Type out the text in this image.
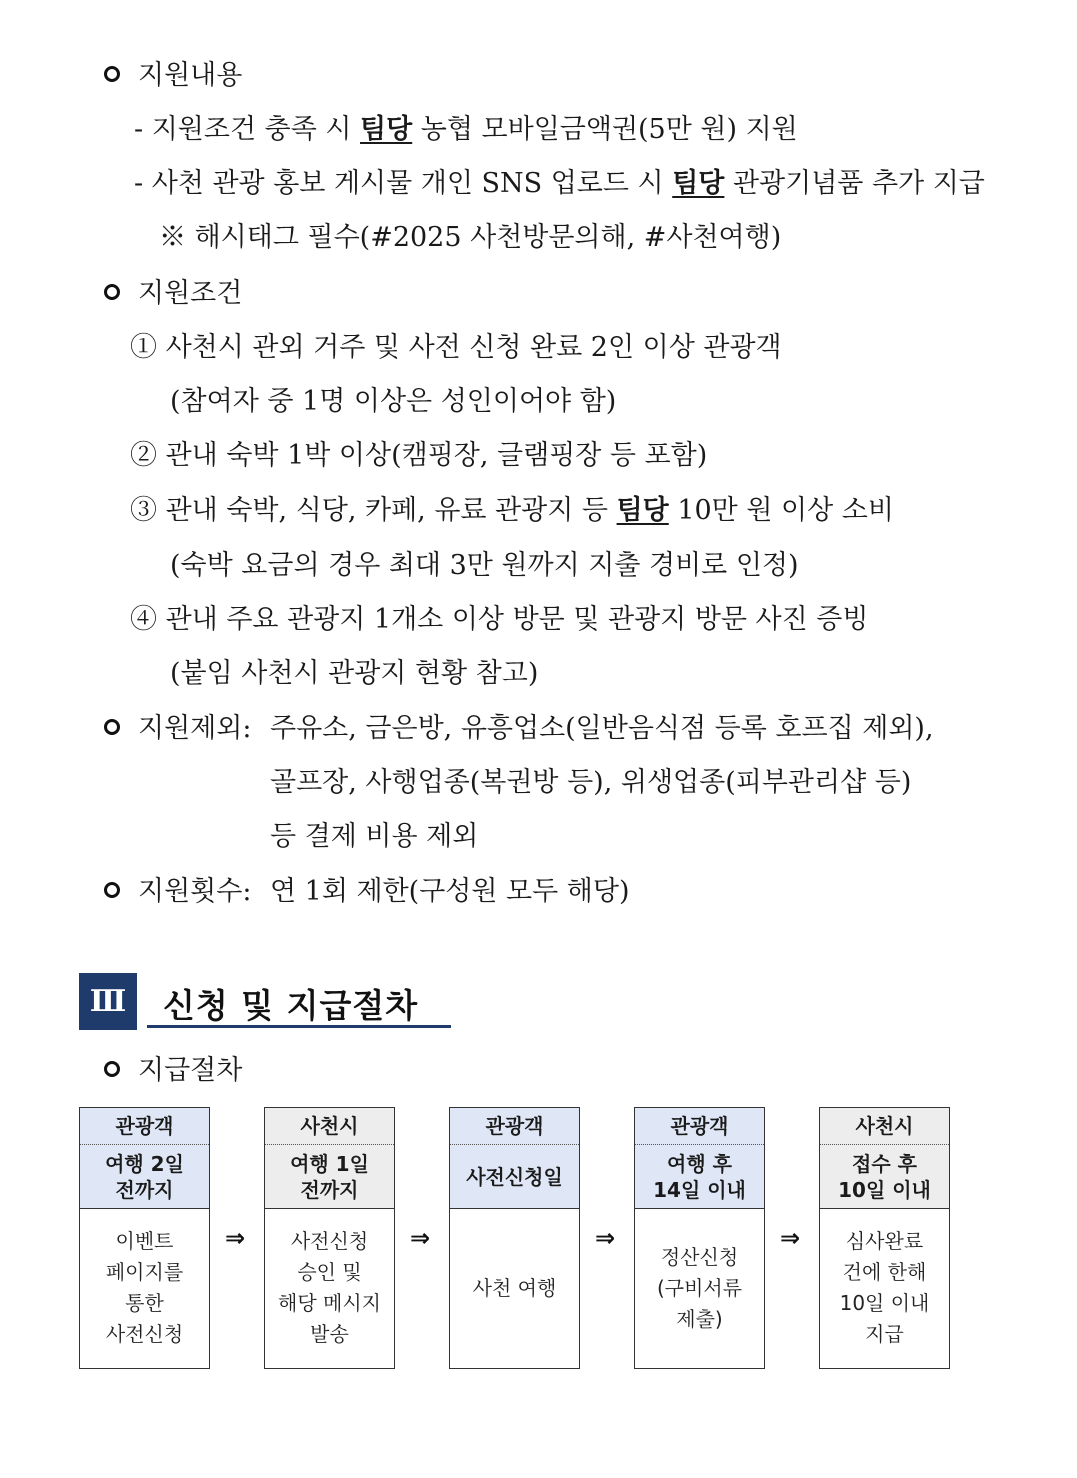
지원내용
- 지원조건 충족 시 팀당 농협 모바일금액권(5만 원) 지원
- 사천 관광 홍보 게시물 개인 SNS 업로드 시 팀당 관광기념품 추가 지급
※ 해시태그 필수(#2025 사천방문의해, #사천여행)
지원조건
① 사천시 관외 거주 및 사전 신청 완료 2인 이상 관광객
(참여자 중 1명 이상은 성인이어야 함)
② 관내 숙박 1박 이상(캠핑장, 글램핑장 등 포함)
③ 관내 숙박, 식당, 카페, 유료 관광지 등 팀당 10만 원 이상 소비
(숙박 요금의 경우 최대 3만 원까지 지출 경비로 인정)
④ 관내 주요 관광지 1개소 이상 방문 및 관광지 방문 사진 증빙
(붙임 사천시 관광지 현황 참고)
지원제외: 주유소, 금은방, 유흥업소(일반음식점 등록 호프집 제외),
골프장, 사행업종(복권방 등), 위생업종(피부관리샵 등)
등 결제 비용 제외
지원횟수: 연 1회 제한(구성원 모두 해당)
Ⅲ	신청 및 지급절차
지급절차
관광객
여행 2일
전까지
이벤트
페이지를
통한
사전신청
⇒
사천시
여행 1일
전까지
사전신청
승인 및
해당 메시지
발송
⇒
관광객
사전신청일
사천 여행
⇒
관광객
여행 후
14일 이내
정산신청
(구비서류
제출)
⇒
사천시
접수 후
10일 이내
심사완료
건에 한해
10일 이내
지급
